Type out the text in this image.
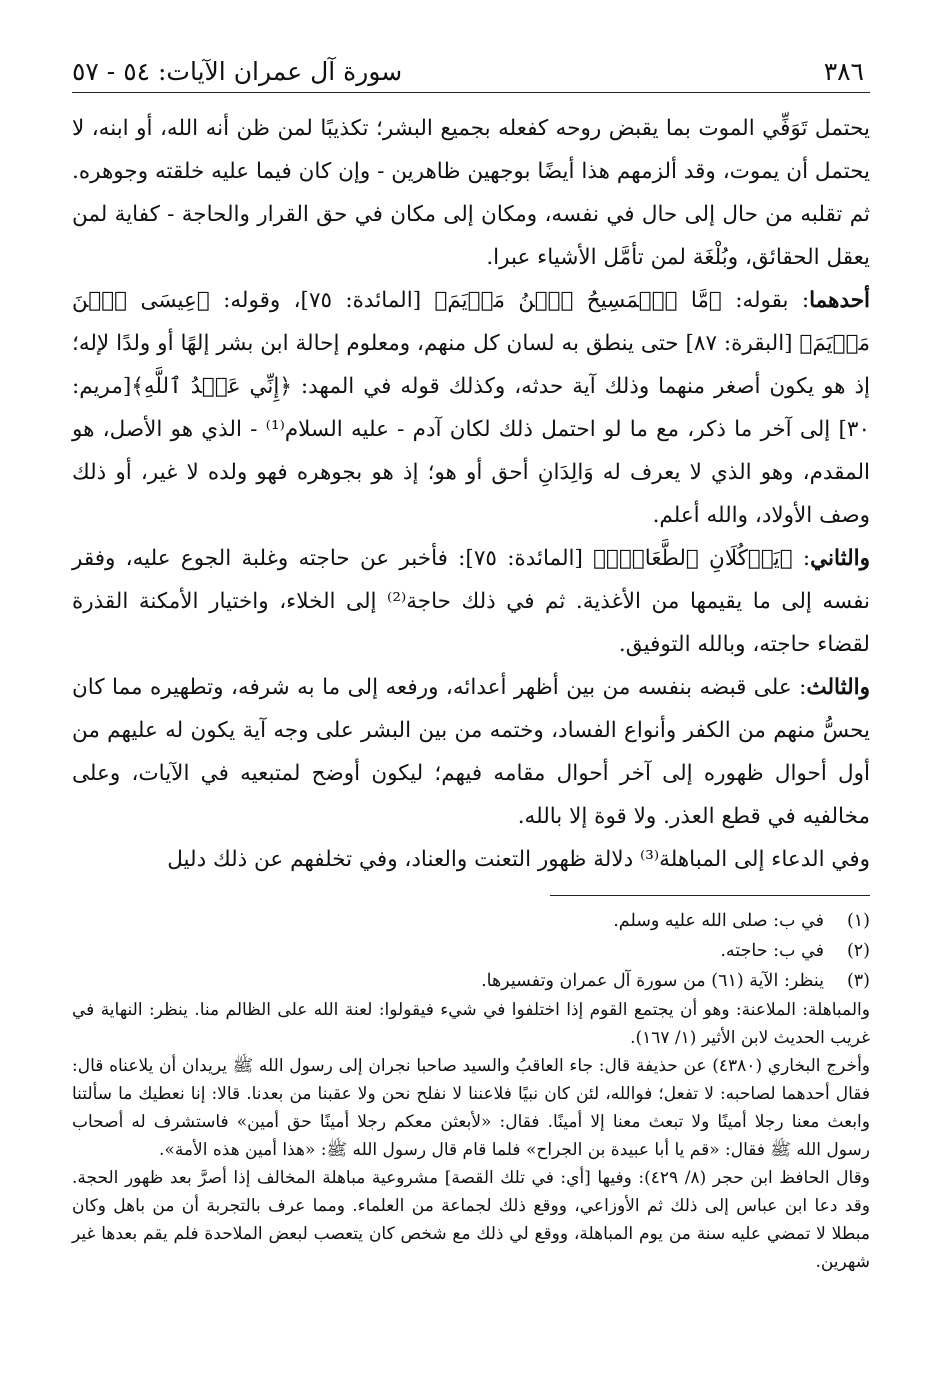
٣٨٦
سورة آل عمران الآيات: ٥٤ - ٥٧

يحتمل تَوَفِّي الموت بما يقبض روحه كفعله بجميع البشر؛ تكذيبًا لمن ظن أنه الله، أو ابنه، لا يحتمل أن يموت، وقد ألزمهم هذا أيضًا بوجهين ظاهرين - وإن كان فيما عليه خلقته وجوهره. ثم تقلبه من حال إلى حال في نفسه، ومكان إلى مكان في حق القرار والحاجة - كفاية لمن يعقل الحقائق، وبُلْغَة لمن تأمَّل الأشياء عبرا.

أحدهما: بقوله: ﴿مَّا ٱلۡمَسِيحُ ٱبۡنُ مَرۡيَمَ﴾ [المائدة: ٧٥]، وقوله: ﴿عِيسَى ٱبۡنَ مَرۡيَمَ﴾ [البقرة: ٨٧] حتى ينطق به لسان كل منهم، ومعلوم إحالة ابن بشر إلهًا أو ولدًا لإله؛ إذ هو يكون أصغر منهما وذلك آية حدثه، وكذلك قوله في المهد: ﴿إِنِّي عَبۡدُ ٱللَّهِ﴾[مريم: ٣٠] إلى آخر ما ذكر، مع ما لو احتمل ذلك لكان آدم - عليه السلام⁽¹⁾ - الذي هو الأصل، هو المقدم، وهو الذي لا يعرف له وَالِدَانِ أحق أو هو؛ إذ هو بجوهره فهو ولده لا غير، أو ذلك وصف الأولاد، والله أعلم.

والثاني: ﴿يَأۡكُلَانِ ٱلطَّعَامَۗ﴾ [المائدة: ٧٥]: فأخبر عن حاجته وغلبة الجوع عليه، وفقر نفسه إلى ما يقيمها من الأغذية. ثم في ذلك حاجة⁽²⁾ إلى الخلاء، واختيار الأمكنة القذرة لقضاء حاجته، وبالله التوفيق.

والثالث: على قبضه بنفسه من بين أظهر أعدائه، ورفعه إلى ما به شرفه، وتطهيره مما كان يحسُّ منهم من الكفر وأنواع الفساد، وختمه من بين البشر على وجه آية يكون له عليهم من أول أحوال ظهوره إلى آخر أحوال مقامه فيهم؛ ليكون أوضح لمتبعيه في الآيات، وعلى مخالفيه في قطع العذر. ولا قوة إلا بالله.

وفي الدعاء إلى المباهلة⁽³⁾ دلالة ظهور التعنت والعناد، وفي تخلفهم عن ذلك دليل

(١)
في ب: صلى الله عليه وسلم.
(٢)
في ب: حاجته.
(٣)
ينظر: الآية (٦١) من سورة آل عمران وتفسيرها.

والمباهلة: الملاعنة: وهو أن يجتمع القوم إذا اختلفوا في شيء فيقولوا: لعنة الله على الظالم منا. ينظر: النهاية في غريب الحديث لابن الأثير (١/ ١٦٧).

وأخرج البخاري (٤٣٨٠) عن حذيفة قال: جاء العاقبُ والسيد صاحبا نجران إلى رسول الله ﷺ يريدان أن يلاعناه قال: فقال أحدهما لصاحبه: لا تفعل؛ فوالله، لئن كان نبيًا فلاعننا لا نفلح نحن ولا عقبنا من بعدنا. قالا: إنا نعطيك ما سألتنا وابعث معنا رجلا أمينًا ولا تبعث معنا إلا أمينًا. فقال: «لأبعثن معكم رجلا أمينًا حق أمين» فاستشرف له أصحاب رسول الله ﷺ فقال: «قم يا أبا عبيدة بن الجراح» فلما قام قال رسول الله ﷺ: «هذا أمين هذه الأمة».

وقال الحافظ ابن حجر (٨/ ٤٢٩): وفيها [أي: في تلك القصة] مشروعية مباهلة المخالف إذا أصرَّ بعد ظهور الحجة. وقد دعا ابن عباس إلى ذلك ثم الأوزاعي، ووقع ذلك لجماعة من العلماء. ومما عرف بالتجربة أن من باهل وكان مبطلا لا تمضي عليه سنة من يوم المباهلة، ووقع لي ذلك مع شخص كان يتعصب لبعض الملاحدة فلم يقم بعدها غير شهرين.
